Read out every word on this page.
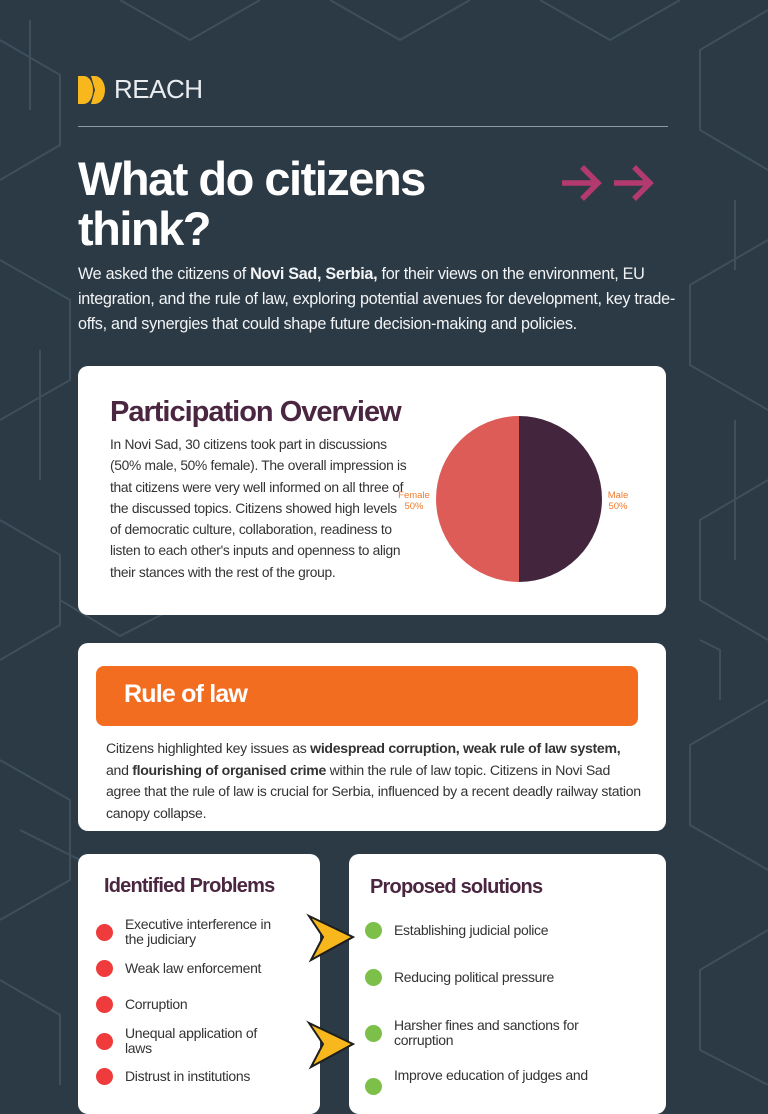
REACH
What do citizens
think?

We asked the citizens of Novi Sad, Serbia, for their views on the environment, EU integration, and the rule of law, exploring potential avenues for development, key trade-offs, and synergies that could shape future decision-making and policies.

Participation Overview

In Novi Sad, 30 citizens took part in discussions (50% male, 50% female). The overall impression is that citizens were very well informed on all three of the discussed topics. Citizens showed high levels of democratic culture, collaboration, readiness to listen to each other's inputs and openness to align their stances with the rest of the group.

Female
50%
Male
50%
Rule of law

Citizens highlighted key issues as widespread corruption, weak rule of law system, and flourishing of organised crime within the rule of law topic. Citizens in Novi Sad agree that the rule of law is crucial for Serbia, influenced by a recent deadly railway station canopy collapse.

Identified Problems
Executive interference in the judiciary
Weak law enforcement
Corruption
Unequal application of laws
Distrust in institutions
Proposed solutions
Establishing judicial police
Reducing political pressure
Harsher fines and sanctions for corruption
Improve education of judges and
